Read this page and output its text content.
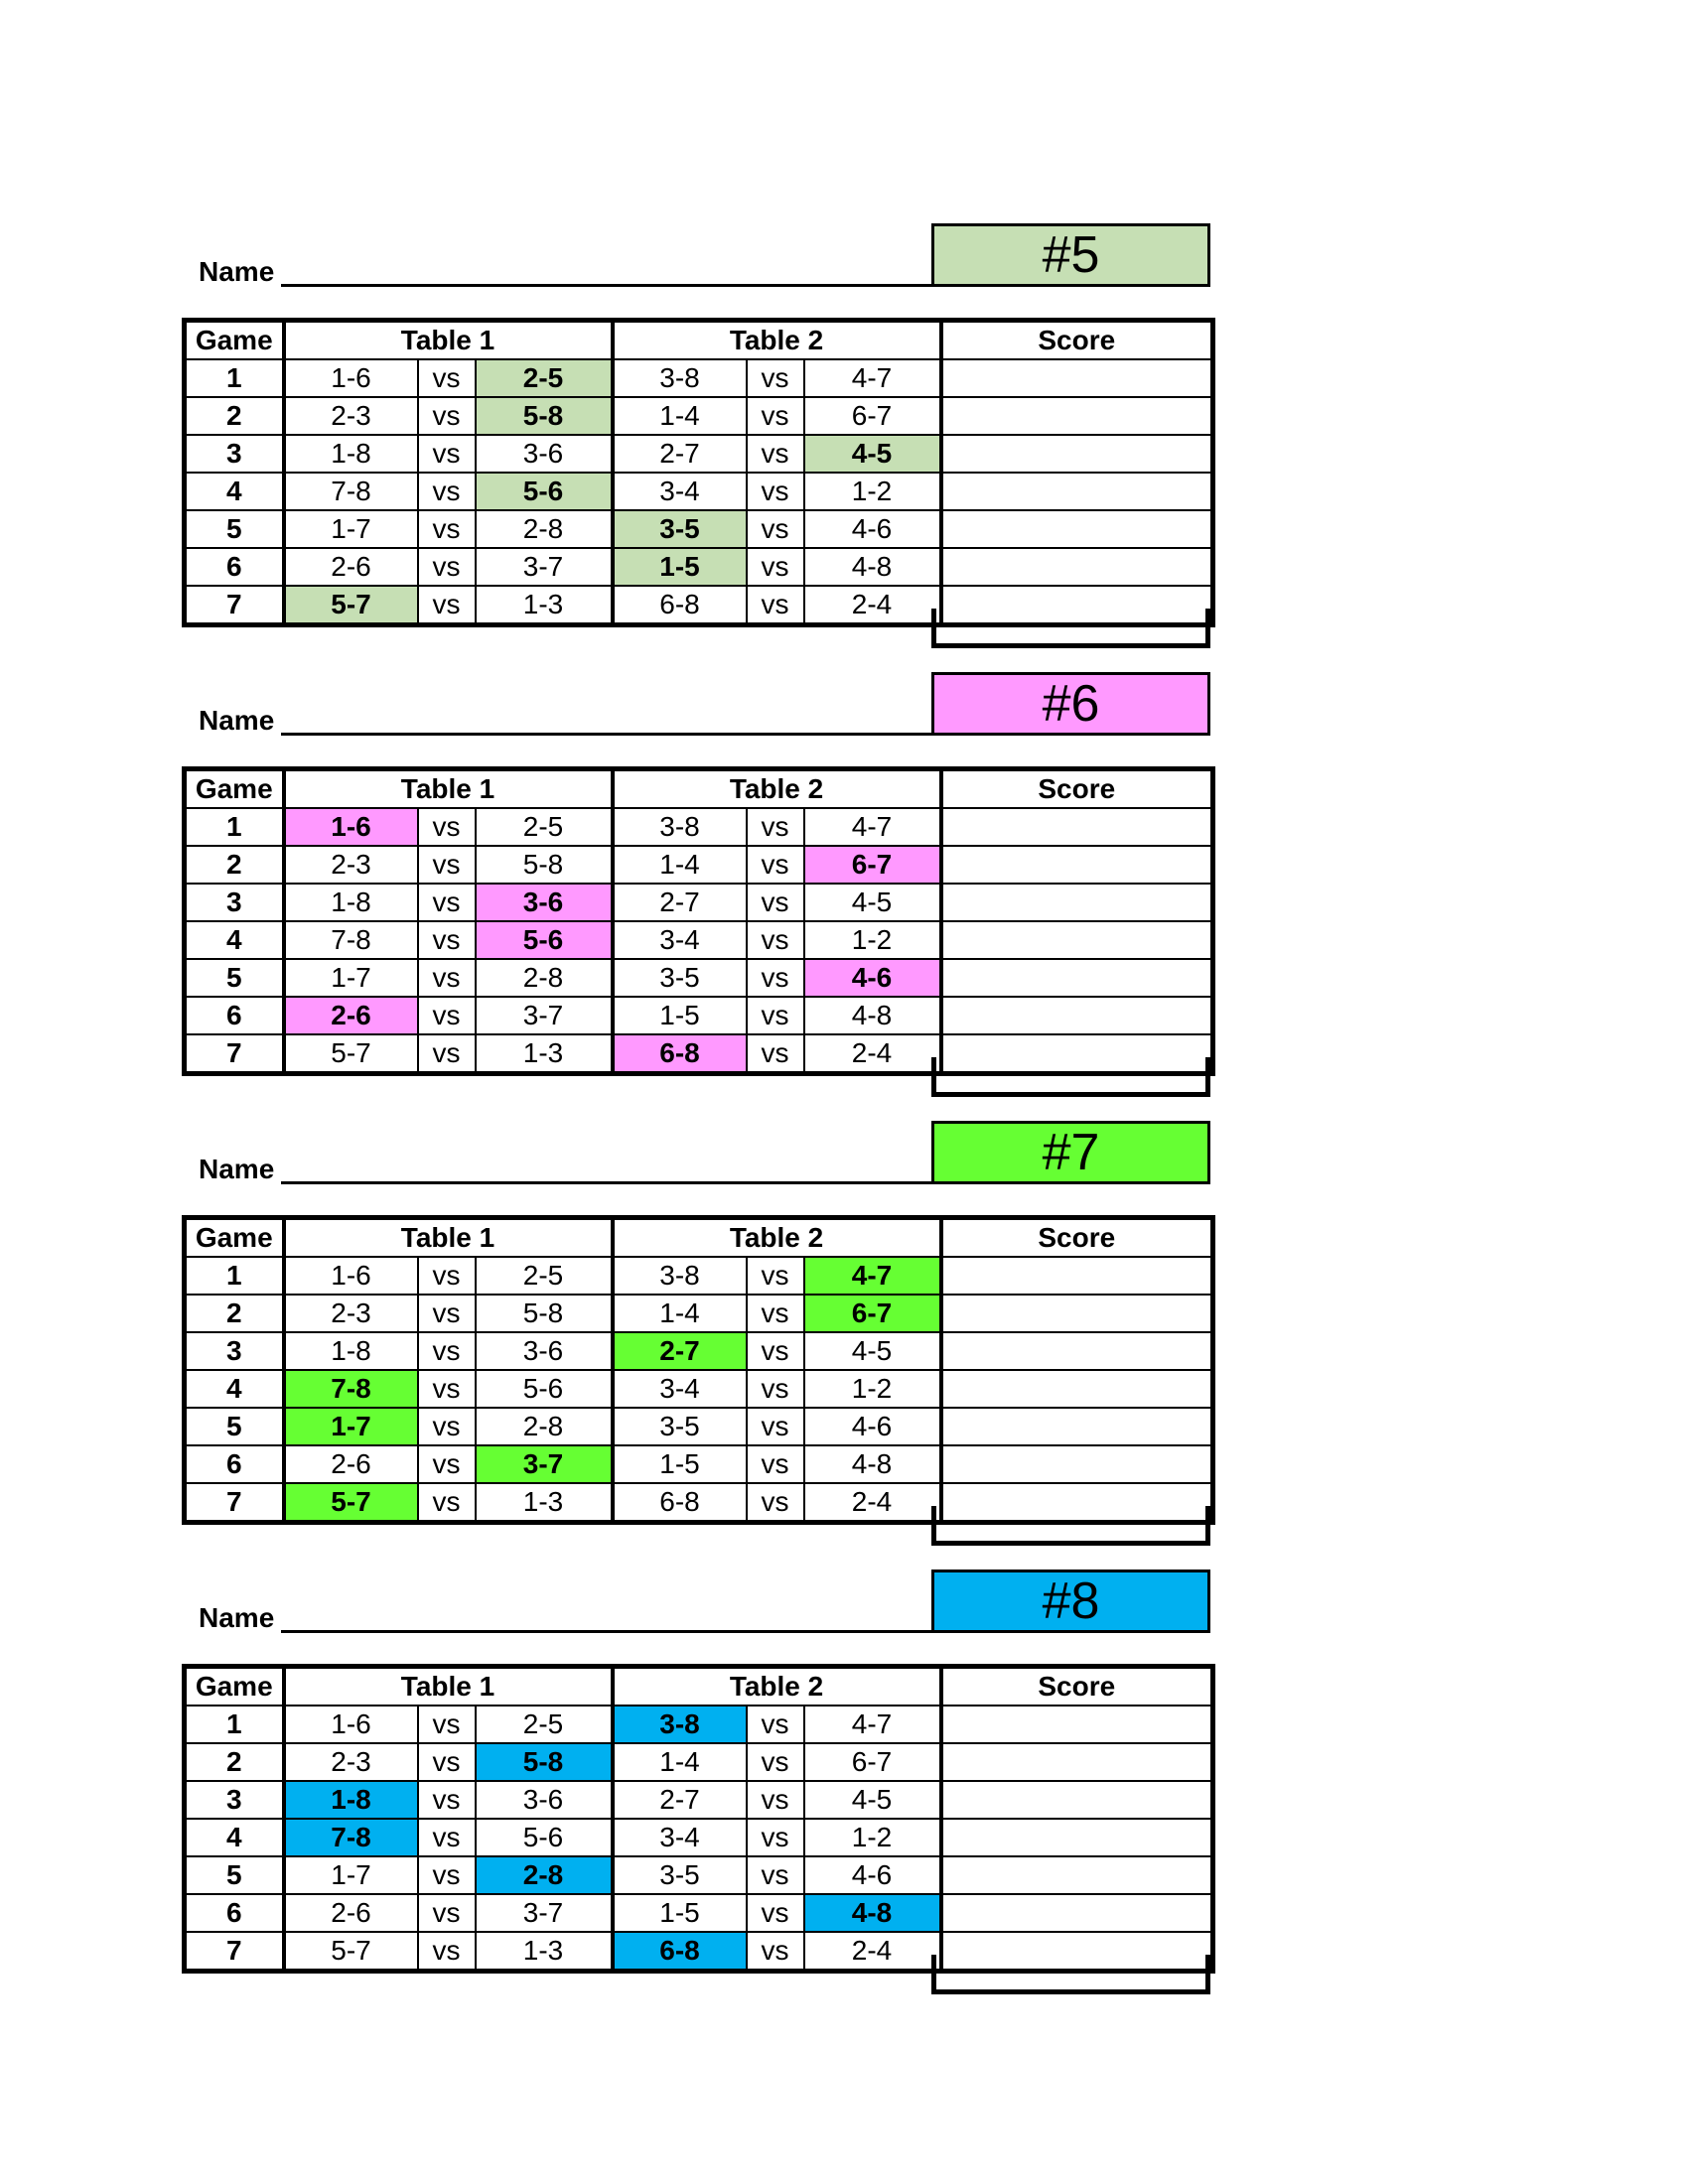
Name	#5
Game	Table 1			Table 2			Score
1	1-6	vs	2-5	3-8	vs	4-7	
2	2-3	vs	5-8	1-4	vs	6-7	
3	1-8	vs	3-6	2-7	vs	4-5	
4	7-8	vs	5-6	3-4	vs	1-2	
5	1-7	vs	2-8	3-5	vs	4-6	
6	2-6	vs	3-7	1-5	vs	4-8	
7	5-7	vs	1-3	6-8	vs	2-4	
Name	#6
Game	Table 1			Table 2			Score
1	1-6	vs	2-5	3-8	vs	4-7	
2	2-3	vs	5-8	1-4	vs	6-7	
3	1-8	vs	3-6	2-7	vs	4-5	
4	7-8	vs	5-6	3-4	vs	1-2	
5	1-7	vs	2-8	3-5	vs	4-6	
6	2-6	vs	3-7	1-5	vs	4-8	
7	5-7	vs	1-3	6-8	vs	2-4	
Name	#7
Game	Table 1			Table 2			Score
1	1-6	vs	2-5	3-8	vs	4-7	
2	2-3	vs	5-8	1-4	vs	6-7	
3	1-8	vs	3-6	2-7	vs	4-5	
4	7-8	vs	5-6	3-4	vs	1-2	
5	1-7	vs	2-8	3-5	vs	4-6	
6	2-6	vs	3-7	1-5	vs	4-8	
7	5-7	vs	1-3	6-8	vs	2-4	
Name	#8
Game	Table 1			Table 2			Score
1	1-6	vs	2-5	3-8	vs	4-7	
2	2-3	vs	5-8	1-4	vs	6-7	
3	1-8	vs	3-6	2-7	vs	4-5	
4	7-8	vs	5-6	3-4	vs	1-2	
5	1-7	vs	2-8	3-5	vs	4-6	
6	2-6	vs	3-7	1-5	vs	4-8	
7	5-7	vs	1-3	6-8	vs	2-4	
